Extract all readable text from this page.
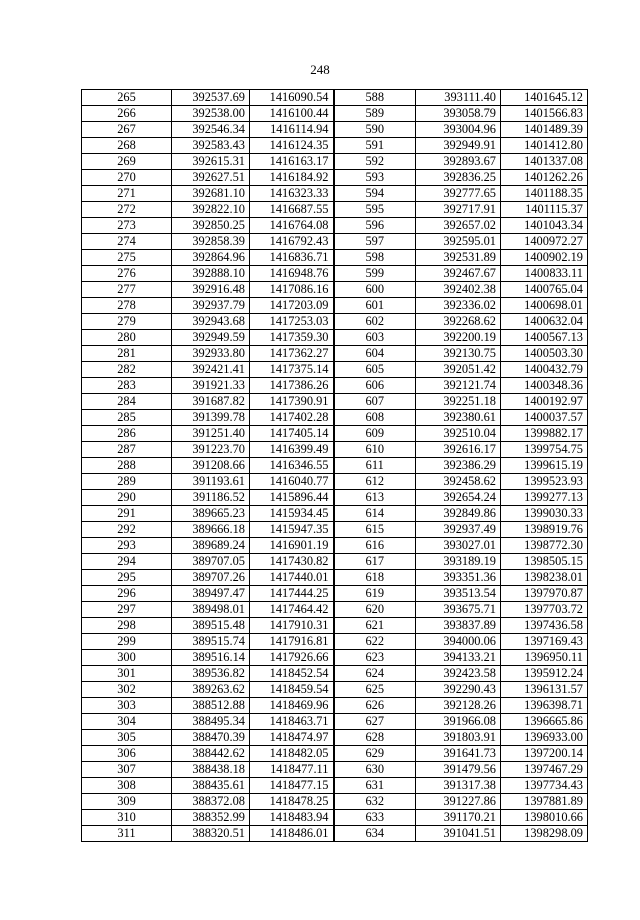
248
265	392537.69	1416090.54	588	393111.40	1401645.12
266	392538.00	1416100.44	589	393058.79	1401566.83
267	392546.34	1416114.94	590	393004.96	1401489.39
268	392583.43	1416124.35	591	392949.91	1401412.80
269	392615.31	1416163.17	592	392893.67	1401337.08
270	392627.51	1416184.92	593	392836.25	1401262.26
271	392681.10	1416323.33	594	392777.65	1401188.35
272	392822.10	1416687.55	595	392717.91	1401115.37
273	392850.25	1416764.08	596	392657.02	1401043.34
274	392858.39	1416792.43	597	392595.01	1400972.27
275	392864.96	1416836.71	598	392531.89	1400902.19
276	392888.10	1416948.76	599	392467.67	1400833.11
277	392916.48	1417086.16	600	392402.38	1400765.04
278	392937.79	1417203.09	601	392336.02	1400698.01
279	392943.68	1417253.03	602	392268.62	1400632.04
280	392949.59	1417359.30	603	392200.19	1400567.13
281	392933.80	1417362.27	604	392130.75	1400503.30
282	392421.41	1417375.14	605	392051.42	1400432.79
283	391921.33	1417386.26	606	392121.74	1400348.36
284	391687.82	1417390.91	607	392251.18	1400192.97
285	391399.78	1417402.28	608	392380.61	1400037.57
286	391251.40	1417405.14	609	392510.04	1399882.17
287	391223.70	1416399.49	610	392616.17	1399754.75
288	391208.66	1416346.55	611	392386.29	1399615.19
289	391193.61	1416040.77	612	392458.62	1399523.93
290	391186.52	1415896.44	613	392654.24	1399277.13
291	389665.23	1415934.45	614	392849.86	1399030.33
292	389666.18	1415947.35	615	392937.49	1398919.76
293	389689.24	1416901.19	616	393027.01	1398772.30
294	389707.05	1417430.82	617	393189.19	1398505.15
295	389707.26	1417440.01	618	393351.36	1398238.01
296	389497.47	1417444.25	619	393513.54	1397970.87
297	389498.01	1417464.42	620	393675.71	1397703.72
298	389515.48	1417910.31	621	393837.89	1397436.58
299	389515.74	1417916.81	622	394000.06	1397169.43
300	389516.14	1417926.66	623	394133.21	1396950.11
301	389536.82	1418452.54	624	392423.58	1395912.24
302	389263.62	1418459.54	625	392290.43	1396131.57
303	388512.88	1418469.96	626	392128.26	1396398.71
304	388495.34	1418463.71	627	391966.08	1396665.86
305	388470.39	1418474.97	628	391803.91	1396933.00
306	388442.62	1418482.05	629	391641.73	1397200.14
307	388438.18	1418477.11	630	391479.56	1397467.29
308	388435.61	1418477.15	631	391317.38	1397734.43
309	388372.08	1418478.25	632	391227.86	1397881.89
310	388352.99	1418483.94	633	391170.21	1398010.66
311	388320.51	1418486.01	634	391041.51	1398298.09
